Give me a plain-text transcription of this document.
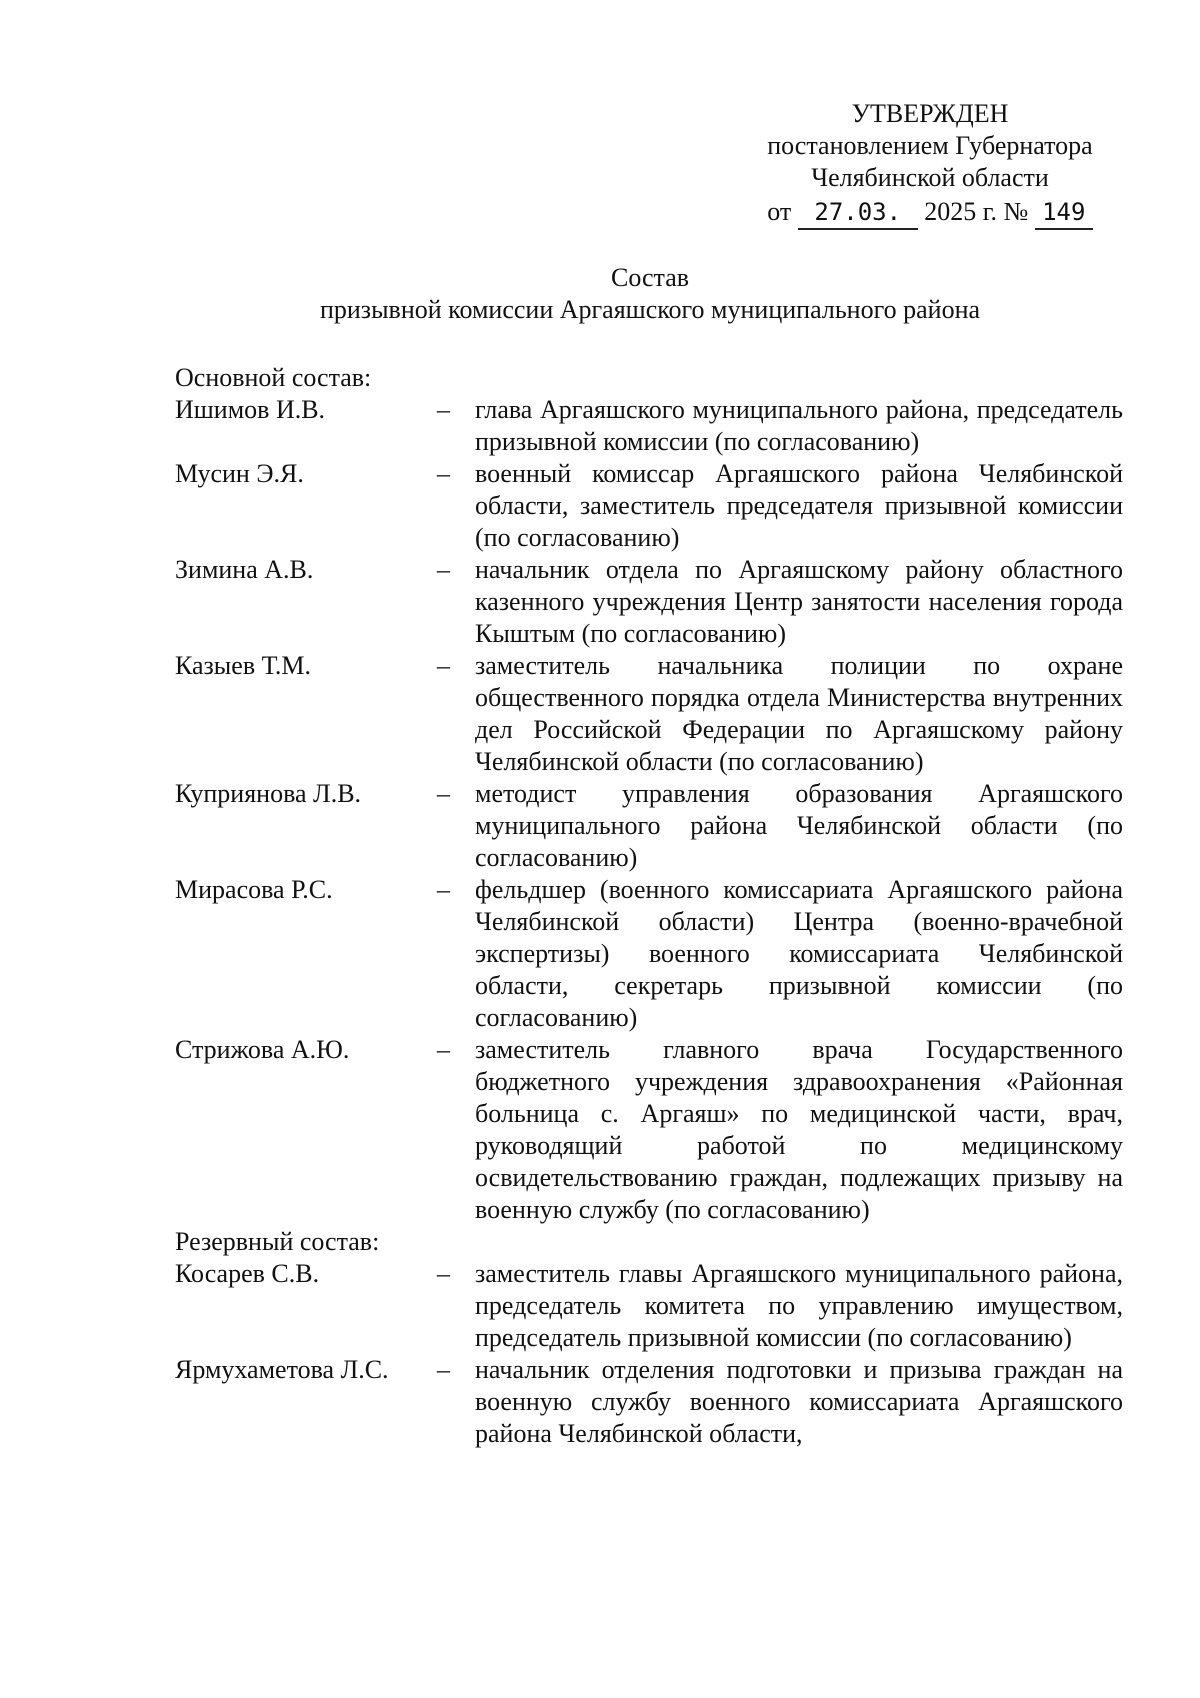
УТВЕРЖДЕН
постановлением Губернатора
Челябинской области
от 27.03. 2025 г. № 149
Состав
призывной комиссии Аргаяшского муниципального района
Основной состав:
Ишимов И.В.	– глава Аргаяшского муниципального района, председатель призывной комиссии (по согласованию)
Мусин Э.Я.	– военный комиссар Аргаяшского района Челябинской области, заместитель председателя призывной комиссии (по согласованию)
Зимина А.В.	– начальник отдела по Аргаяшскому району областного казенного учреждения Центр занятости населения города Кыштым (по согласованию)
Казыев Т.М.	– заместитель начальника полиции по охране общественного порядка отдела Министерства внутренних дел Российской Федерации по Аргаяшскому району Челябинской области (по согласованию)
Куприянова Л.В.	– методист управления образования Аргаяшского муниципального района Челябинской области (по согласованию)
Мирасова Р.С.	– фельдшер (военного комиссариата Аргаяшского района Челябинской области) Центра (военно-врачебной экспертизы) военного комиссариата Челябинской области, секретарь призывной комиссии (по согласованию)
Стрижова А.Ю.	– заместитель главного врача Государственного бюджетного учреждения здравоохранения «Районная больница с. Аргаяш» по медицинской части, врач, руководящий работой по медицинскому освидетельствованию граждан, подлежащих призыву на военную службу (по согласованию)
Резервный состав:
Косарев С.В.	– заместитель главы Аргаяшского муниципального района, председатель комитета по управлению имуществом, председатель призывной комиссии (по согласованию)
Ярмухаметова Л.С.	– начальник отделения подготовки и призыва граждан на военную службу военного комиссариата Аргаяшского района Челябинской области,
